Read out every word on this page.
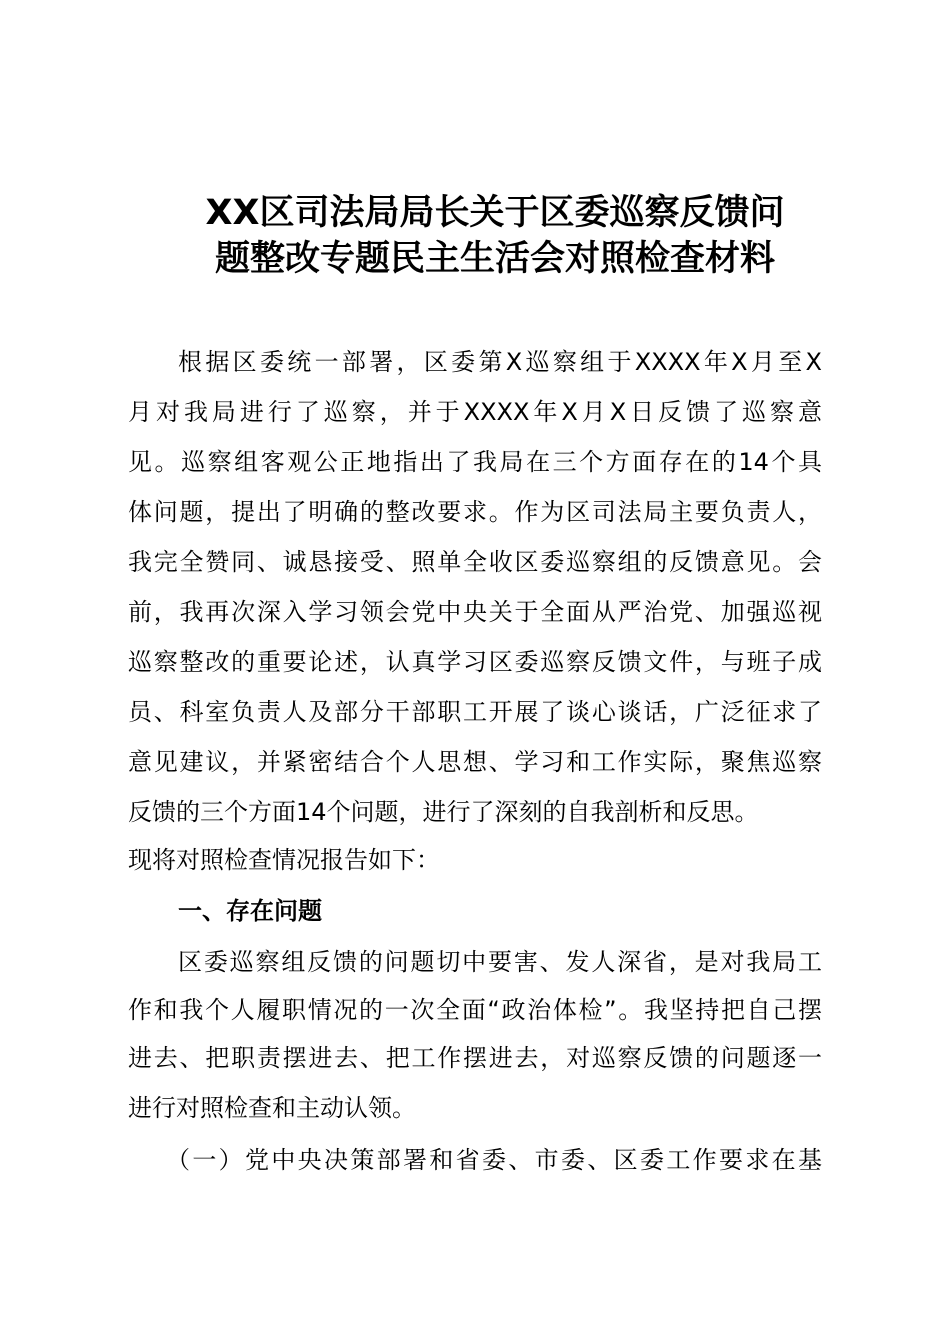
XX区司法局局长关于区委巡察反馈问
题整改专题民主生活会对照检查材料
根据区委统一部署，区委第X巡察组于XXXX年X月至X
月对我局进行了巡察，并于XXXX年X月X日反馈了巡察意
见。巡察组客观公正地指出了我局在三个方面存在的14个具
体问题，提出了明确的整改要求。作为区司法局主要负责人，
我完全赞同、诚恳接受、照单全收区委巡察组的反馈意见。会
前，我再次深入学习领会党中央关于全面从严治党、加强巡视
巡察整改的重要论述，认真学习区委巡察反馈文件，与班子成
员、科室负责人及部分干部职工开展了谈心谈话，广泛征求了
意见建议，并紧密结合个人思想、学习和工作实际，聚焦巡察
反馈的三个方面14个问题，进行了深刻的自我剖析和反思。
现将对照检查情况报告如下：
一、存在问题
区委巡察组反馈的问题切中要害、发人深省，是对我局工
作和我个人履职情况的一次全面“政治体检”。我坚持把自己摆
进去、把职责摆进去、把工作摆进去，对巡察反馈的问题逐一
进行对照检查和主动认领。
（一）党中央决策部署和省委、市委、区委工作要求在基
